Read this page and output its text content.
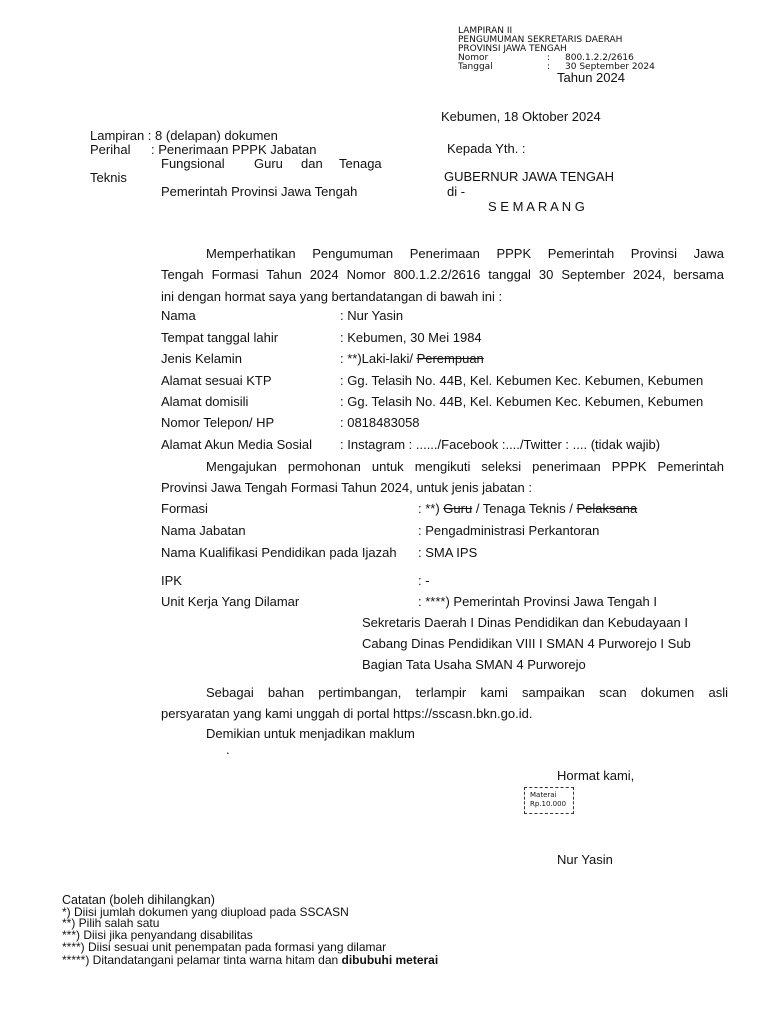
LAMPIRAN II
PENGUMUMAN SEKRETARIS DAERAH
PROVINSI JAWA TENGAH
Nomor	: 800.1.2.2/2616
Tanggal	: 30 September 2024
Tahun 2024
Kebumen, 18 Oktober 2024
Lampiran : 8 (delapan) dokumen
Perihal : Penerimaan PPPK Jabatan
Fungsional Guru dan Tenaga
Teknis
Pemerintah Provinsi Jawa Tengah
Kepada Yth. :
GUBERNUR JAWA TENGAH
di -
S E M A R A N G
Memperhatikan Pengumuman Penerimaan PPPK Pemerintah Provinsi Jawa
Tengah Formasi Tahun 2024 Nomor 800.1.2.2/2616 tanggal 30 September 2024, bersama
ini dengan hormat saya yang bertandatangan di bawah ini :
Nama	: Nur Yasin
Tempat tanggal lahir	: Kebumen, 30 Mei 1984
Jenis Kelamin	: **)Laki-laki/ Perempuan
Alamat sesuai KTP	: Gg. Telasih No. 44B, Kel. Kebumen Kec. Kebumen, Kebumen
Alamat domisili	: Gg. Telasih No. 44B, Kel. Kebumen Kec. Kebumen, Kebumen
Nomor Telepon/ HP	: 0818483058
Alamat Akun Media Sosial : Instagram : ....../Facebook :..../Twitter : .... (tidak wajib)
Mengajukan permohonan untuk mengikuti seleksi penerimaan PPPK Pemerintah
Provinsi Jawa Tengah Formasi Tahun 2024, untuk jenis jabatan :
Formasi	: **) Guru / Tenaga Teknis / Pelaksana
Nama Jabatan	: Pengadministrasi Perkantoran
Nama Kualifikasi Pendidikan pada Ijazah : SMA IPS
IPK	: -
Unit Kerja Yang Dilamar	: ****) Pemerintah Provinsi Jawa Tengah I
Sekretaris Daerah I Dinas Pendidikan dan Kebudayaan I
Cabang Dinas Pendidikan VIII I SMAN 4 Purworejo I Sub
Bagian Tata Usaha SMAN 4 Purworejo
Sebagai bahan pertimbangan, terlampir kami sampaikan scan dokumen asli
persyaratan yang kami unggah di portal https://sscasn.bkn.go.id.
Demikian untuk menjadikan maklum
.
Hormat kami,
Materai
Rp.10.000
Nur Yasin
Catatan (boleh dihilangkan)
*) Diisi jumlah dokumen yang diupload pada SSCASN
**) Pilih salah satu
***) Diisi jika penyandang disabilitas
****) Diisi sesuai unit penempatan pada formasi yang dilamar
*****) Ditandatangani pelamar tinta warna hitam dan dibubuhi meterai
